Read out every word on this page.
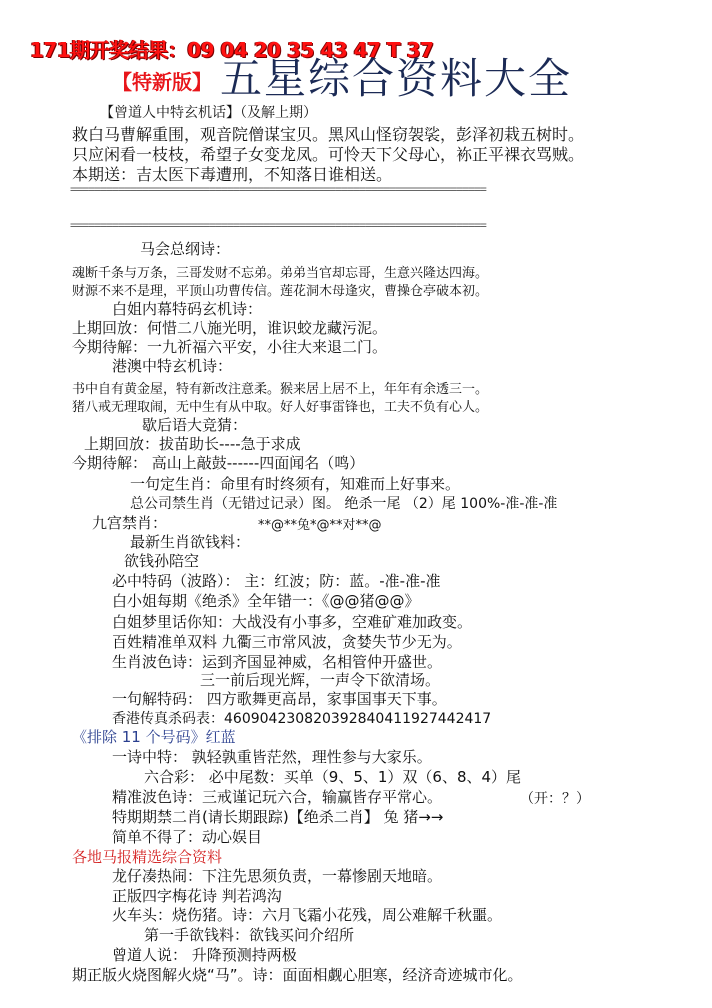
171期开奖结果：09 04 20 35 43 47 T 37
【特新版】 五星综合资料大全
【曾道人中特玄机话】（及解上期）
救白马曹解重围，观音院僧谋宝贝。黑风山怪窃袈裟，彭泽初栽五树时。
只应闲看一枝枝，希望子女变龙凤。可怜天下父母心，袮正平裸衣骂贼。
本期送：吉太医下毒遭刑，不知落日谁相送。
=====================================================================
=====================================================================
马会总纲诗：
魂断千条与万条，三哥发财不忘弟。弟弟当官却忘哥，生意兴隆达四海。
财源不来不是理，平顶山功曹传信。莲花洞木母逢灾，曹操仓亭破本初。
白姐内幕特码玄机诗：
上期回放：何惜二八施光明，谁识蛟龙藏污泥。
今期待解：一九祈福六平安，小往大来退二门。
港澳中特玄机诗：
书中自有黄金屋，特有新改注意柔。猴来居上居不上，年年有余透三一。
猪八戒无理取闹，无中生有从中取。好人好事雷锋也，工夫不负有心人。
歇后语大竞猜：
上期回放：拔苗助长----急于求成
今期待解： 高山上敲鼓------四面闻名（鸣）
一句定生肖：命里有时终须有，知难而上好事来。
总公司禁生肖（无错过记录）图。 绝杀一尾 （2）尾 100%-准-准-准
九宫禁肖：	**@**兔*@**对**@
最新生肖欲钱料：
欲钱孙陪空
必中特码（波路）： 主：红波；防：蓝。-准-准-准
白小姐每期《绝杀》全年错一：《@@猪@@》
白姐梦里话你知：大战没有小事多，空难矿难加政变。
百姓精准单双料 九衢三市常风波，贪婪失节少无为。
生肖波色诗：运到齐国显神威，名相管仲开盛世。
三一前后现光辉，一声令下欲清场。
一句解特码： 四方歌舞更高昂，家事国事天下事。
香港传真杀码表：4609042308203928404119274424​17
《排除 11 个号码》红蓝
一诗中特： 孰轻孰重皆茫然，理性参与大家乐。
六合彩： 必中尾数：买单（9、5、1）双（6、8、4）尾
精准波色诗：三戒谨记玩六合，输赢皆存平常心。	（开：？）
特期期禁二肖(请长期跟踪)【绝杀二肖】 兔 猪→→
简单不得了：动心娱目
各地马报精选综合资料
龙仔凑热闹：下注先思须负责，一幕惨剧天地暗。
正版四字梅花诗 判若鸿沟
火车头：烧伤猪。诗：六月飞霜小花残，周公难解千秋噩。
第一手欲钱料：欲钱买问介绍所
曾道人说： 升降预测持两极
期正版火烧图解火烧“马”。诗：面面相觑心胆寒，经济奇迹城市化。
